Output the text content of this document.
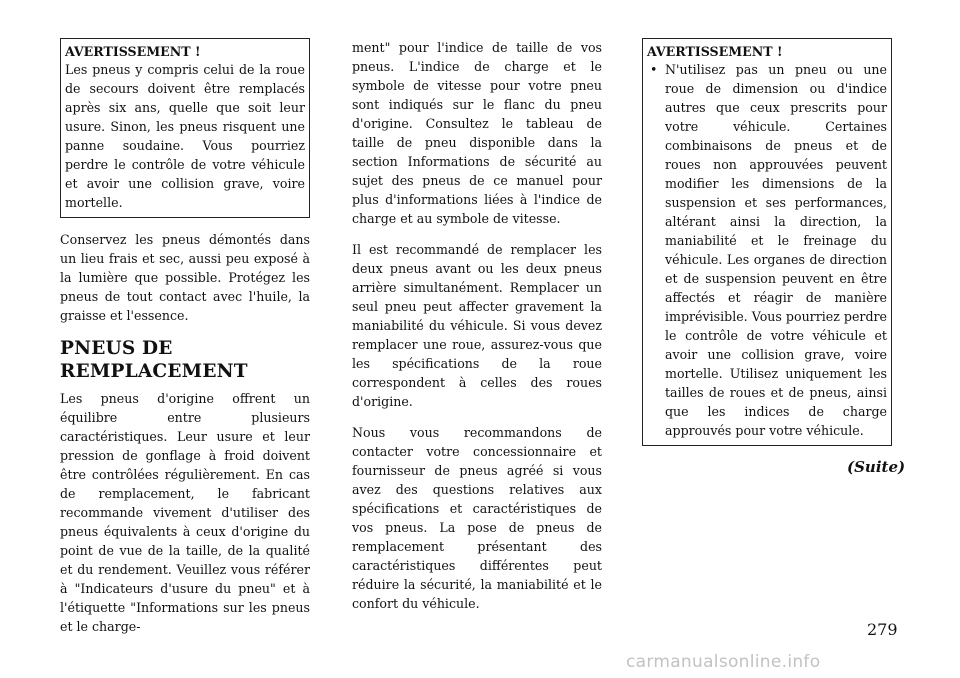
AVERTISSEMENT !

Les pneus y compris celui de la roue de secours doivent être remplacés après six ans, quelle que soit leur usure. Sinon, les pneus risquent une panne soudaine. Vous pourriez perdre le contrôle de votre véhicule et avoir une collision grave, voire mortelle.

Conservez les pneus démontés dans un lieu frais et sec, aussi peu exposé à la lumière que possible. Protégez les pneus de tout contact avec l'huile, la graisse et l'essence.

PNEUS DE REMPLACEMENT

Les pneus d'origine offrent un équilibre entre plusieurs caractéristiques. Leur usure et leur pression de gonflage à froid doivent être contrôlées régulièrement. En cas de remplacement, le fabricant recommande vivement d'utiliser des pneus équivalents à ceux d'origine du point de vue de la taille, de la qualité et du rendement. Veuillez vous référer à "Indicateurs d'usure du pneu" et à l'étiquette "Informations sur les pneus et le charge-

ment" pour l'indice de taille de vos pneus. L'indice de charge et le symbole de vitesse pour votre pneu sont indiqués sur le flanc du pneu d'origine. Consultez le tableau de taille de pneu disponible dans la section Informations de sécurité au sujet des pneus de ce manuel pour plus d'informations liées à l'indice de charge et au symbole de vitesse.

Il est recommandé de remplacer les deux pneus avant ou les deux pneus arrière simultanément. Remplacer un seul pneu peut affecter gravement la maniabilité du véhicule. Si vous devez remplacer une roue, assurez-vous que les spécifications de la roue correspondent à celles des roues d'origine.

Nous vous recommandons de contacter votre concessionnaire et fournisseur de pneus agréé si vous avez des questions relatives aux spécifications et caractéristiques de vos pneus. La pose de pneus de remplacement présentant des caractéristiques différentes peut réduire la sécurité, la maniabilité et le confort du véhicule.

AVERTISSEMENT !
• N'utilisez pas un pneu ou une roue de dimension ou d'indice autres que ceux prescrits pour votre véhicule. Certaines combinaisons de pneus et de roues non approuvées peuvent modifier les dimensions de la suspension et ses performances, altérant ainsi la direction, la maniabilité et le freinage du véhicule. Les organes de direction et de suspension peuvent en être affectés et réagir de manière imprévisible. Vous pourriez perdre le contrôle de votre véhicule et avoir une collision grave, voire mortelle. Utilisez uniquement les tailles de roues et de pneus, ainsi que les indices de charge approuvés pour votre véhicule.
(Suite)
279
carmanualsonline.info
